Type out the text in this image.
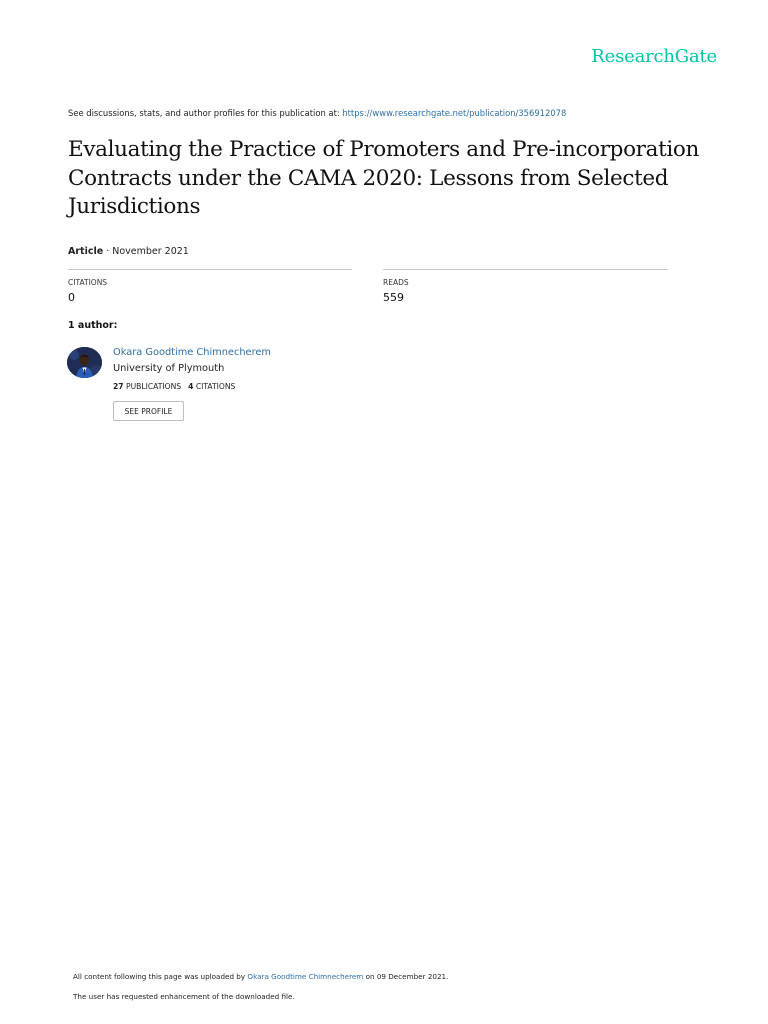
ResearchGate
See discussions, stats, and author profiles for this publication at: https://www.researchgate.net/publication/356912078
Evaluating the Practice of Promoters and Pre-incorporation Contracts under the CAMA 2020: Lessons from Selected Jurisdictions
Article · November 2021
CITATIONS
0
READS
559
1 author:
Okara Goodtime Chimnecherem
University of Plymouth
27 PUBLICATIONS 4 CITATIONS
SEE PROFILE
All content following this page was uploaded by Okara Goodtime Chimnecherem on 09 December 2021.
The user has requested enhancement of the downloaded file.
